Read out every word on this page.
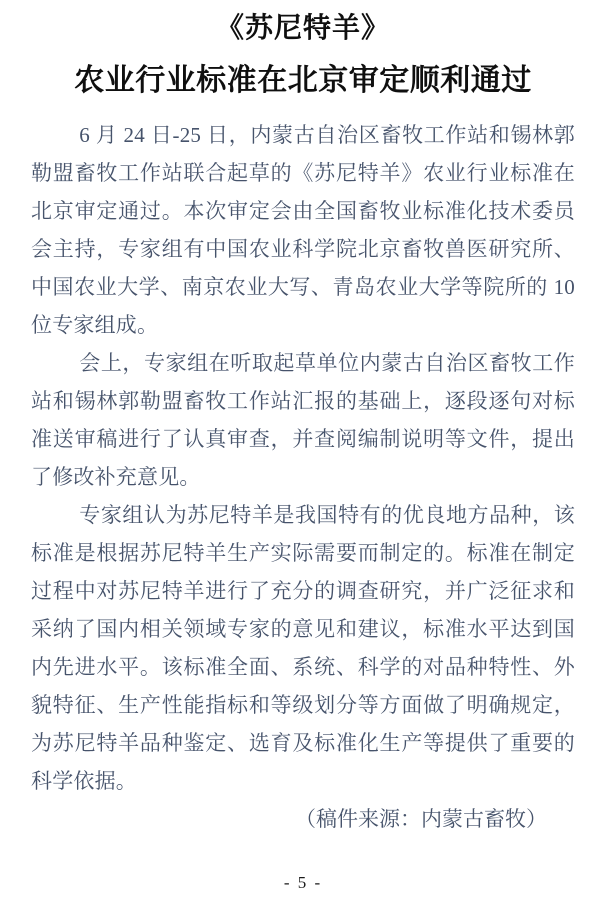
《苏尼特羊》
农业行业标准在北京审定顺利通过

6 月 24 日-25 日，内蒙古自治区畜牧工作站和锡林郭勒盟畜牧工作站联合起草的《苏尼特羊》农业行业标准在北京审定通过。本次审定会由全国畜牧业标准化技术委员会主持，专家组有中国农业科学院北京畜牧兽医研究所、中国农业大学、南京农业大写、青岛农业大学等院所的 10 位专家组成。

会上，专家组在听取起草单位内蒙古自治区畜牧工作站和锡林郭勒盟畜牧工作站汇报的基础上，逐段逐句对标准送审稿进行了认真审查，并查阅编制说明等文件，提出了修改补充意见。

专家组认为苏尼特羊是我国特有的优良地方品种，该标准是根据苏尼特羊生产实际需要而制定的。标准在制定过程中对苏尼特羊进行了充分的调查研究，并广泛征求和采纳了国内相关领域专家的意见和建议，标准水平达到国内先进水平。该标准全面、系统、科学的对品种特性、外貌特征、生产性能指标和等级划分等方面做了明确规定，为苏尼特羊品种鉴定、选育及标准化生产等提供了重要的科学依据。

（稿件来源：内蒙古畜牧）

- 5 -
